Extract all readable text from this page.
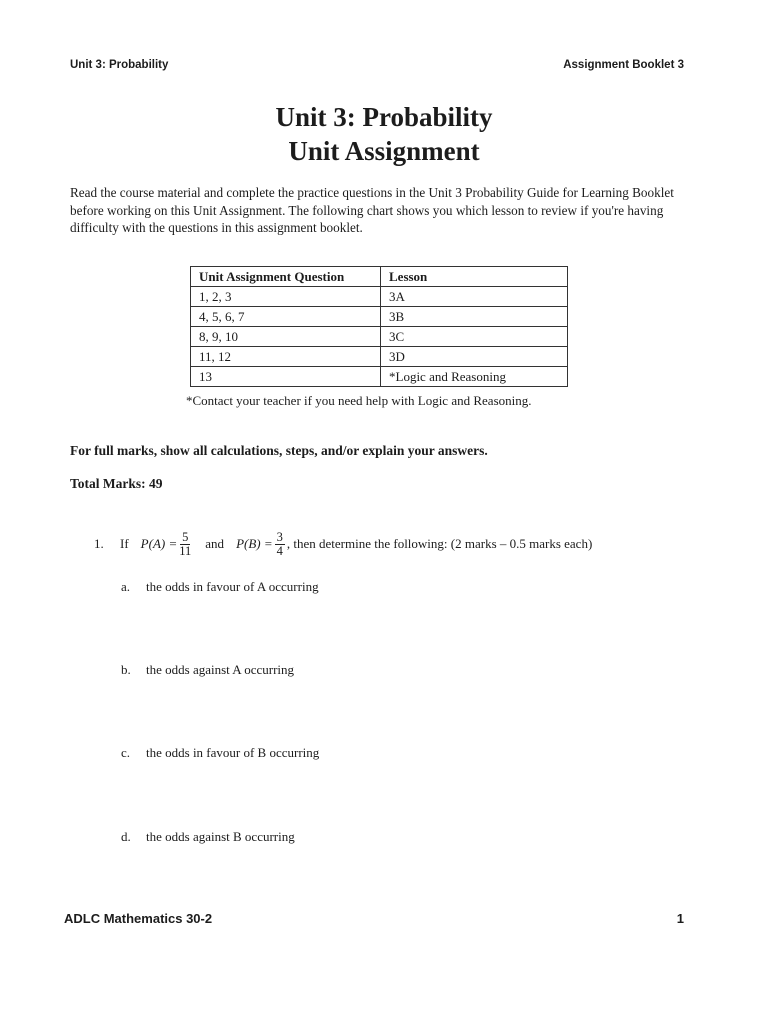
Unit 3: Probability	Assignment Booklet 3
Unit 3: Probability
Unit Assignment
Read the course material and complete the practice questions in the Unit 3 Probability Guide for Learning Booklet before working on this Unit Assignment. The following chart shows you which lesson to review if you're having difficulty with the questions in this assignment booklet.
Unit Assignment Question	Lesson
1, 2, 3	3A
4, 5, 6, 7	3B
8, 9, 10	3C
11, 12	3D
13	*Logic and Reasoning
*Contact your teacher if you need help with Logic and Reasoning.
For full marks, show all calculations, steps, and/or explain your answers.
Total Marks: 49
1.	If $P(A) = \frac{5}{11}$ and $P(B) = \frac{3}{4}$ , then determine the following: (2 marks – 0.5 marks each)
a.	the odds in favour of A occurring
b.	the odds against A occurring
c.	the odds in favour of B occurring
d.	the odds against B occurring
ADLC Mathematics 30-2	1
